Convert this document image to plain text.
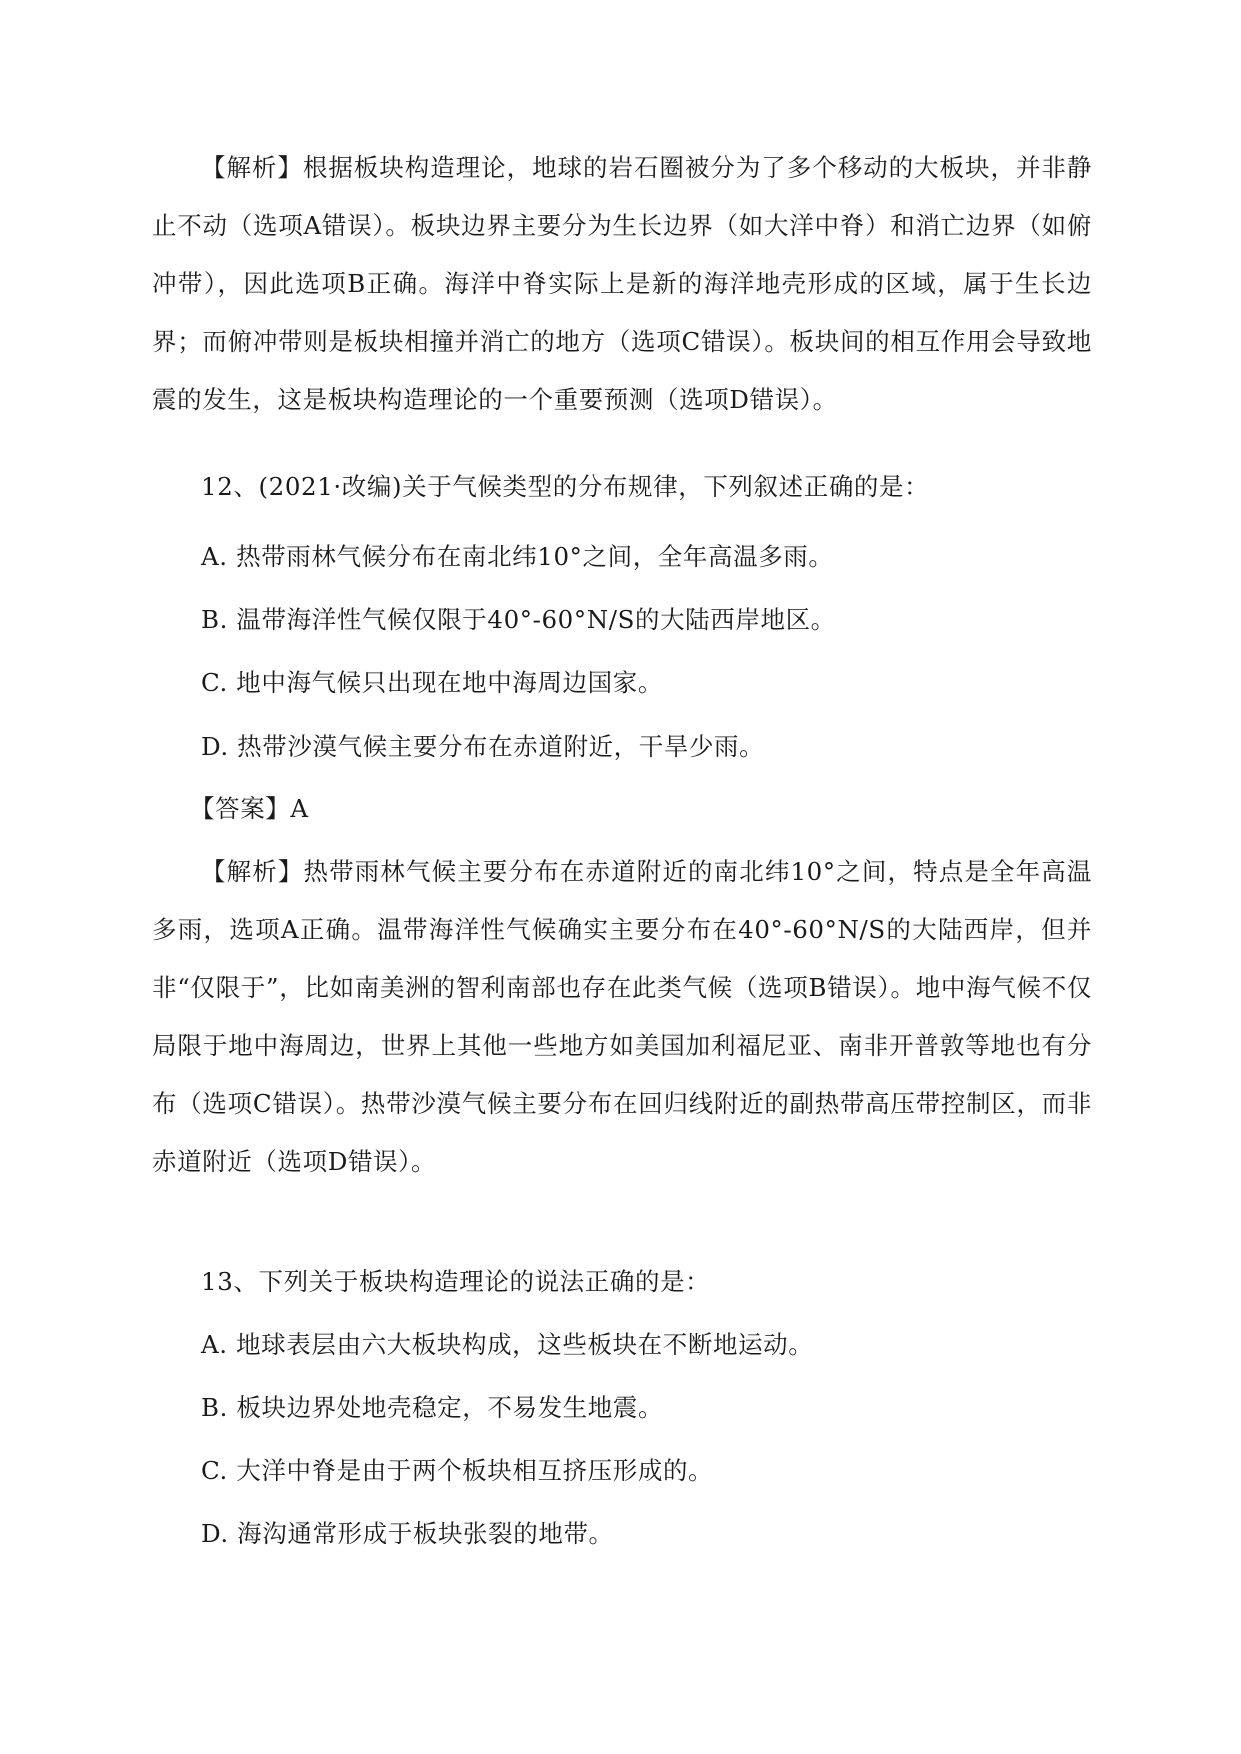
【解析】根据板块构造理论，地球的岩石圈被分为了多个移动的大板块，并非静止不动（选项A错误）。板块边界主要分为生长边界（如大洋中脊）和消亡边界（如俯冲带），因此选项B正确。海洋中脊实际上是新的海洋地壳形成的区域，属于生长边界；而俯冲带则是板块相撞并消亡的地方（选项C错误）。板块间的相互作用会导致地震的发生，这是板块构造理论的一个重要预测（选项D错误）。

12、(2021·改编)关于气候类型的分布规律，下列叙述正确的是：

A. 热带雨林气候分布在南北纬10°之间，全年高温多雨。

B. 温带海洋性气候仅限于40°-60°N/S的大陆西岸地区。

C. 地中海气候只出现在地中海周边国家。

D. 热带沙漠气候主要分布在赤道附近，干旱少雨。

【答案】A

【解析】热带雨林气候主要分布在赤道附近的南北纬10°之间，特点是全年高温多雨，选项A正确。温带海洋性气候确实主要分布在40°-60°N/S的大陆西岸，但并非“仅限于”，比如南美洲的智利南部也存在此类气候（选项B错误）。地中海气候不仅局限于地中海周边，世界上其他一些地方如美国加利福尼亚、南非开普敦等地也有分布（选项C错误）。热带沙漠气候主要分布在回归线附近的副热带高压带控制区，而非赤道附近（选项D错误）。

13、下列关于板块构造理论的说法正确的是：

A. 地球表层由六大板块构成，这些板块在不断地运动。

B. 板块边界处地壳稳定，不易发生地震。

C. 大洋中脊是由于两个板块相互挤压形成的。

D. 海沟通常形成于板块张裂的地带。
